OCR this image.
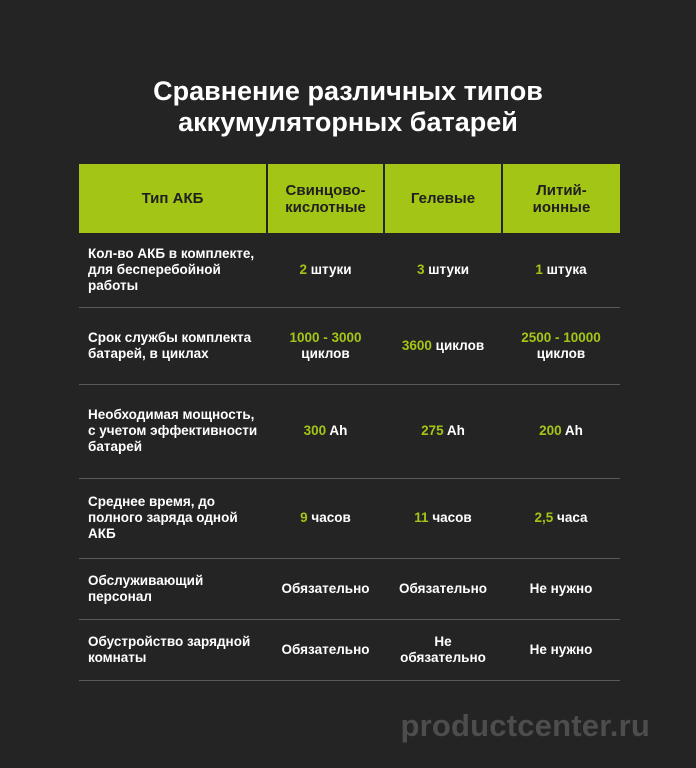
Сравнение различных типов
аккумуляторных батарей
Тип АКБ	Свинцово-кислотные	Гелевые	Литий-ионные
Кол-во АКБ в комплекте, для бесперебойной работы	2 штуки	3 штуки	1 штука
Срок службы комплекта батарей, в циклах	1000 - 3000 циклов	3600 циклов	2500 - 10000 циклов
Необходимая мощность, с учетом эффективности батарей	300 Ah	275 Ah	200 Ah
Среднее время, до полного заряда одной АКБ	9 часов	11 часов	2,5 часа
Обслуживающий персонал	Обязательно	Обязательно	Не нужно
Обустройство зарядной комнаты	Обязательно	Не обязательно	Не нужно
productcenter.ru
